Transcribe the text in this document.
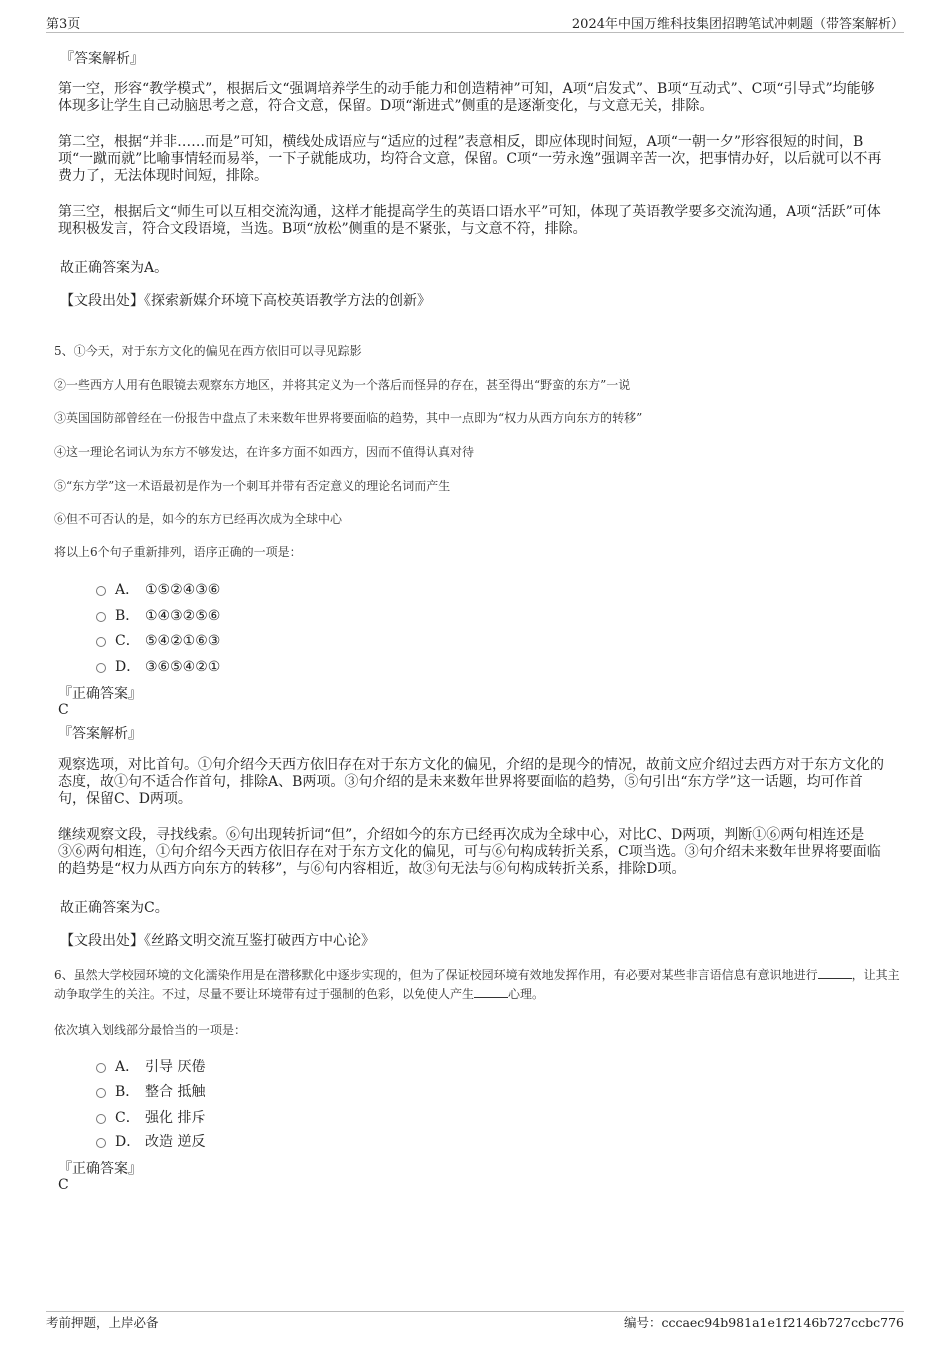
第3页	2024年中国万维科技集团招聘笔试冲刺题（带答案解析）
『答案解析』
第一空，形容“教学模式”，根据后文“强调培养学生的动手能力和创造精神”可知，A项“启发式”、B项“互动式”、C项“引导式”均能够体现多让学生自己动脑思考之意，符合文意，保留。D项“渐进式”侧重的是逐渐变化，与文意无关，排除。
第二空，根据“并非……而是”可知，横线处成语应与“适应的过程”表意相反，即应体现时间短，A项“一朝一夕”形容很短的时间，B项“一蹴而就”比喻事情轻而易举，一下子就能成功，均符合文意，保留。C项“一劳永逸”强调辛苦一次，把事情办好，以后就可以不再费力了，无法体现时间短，排除。
第三空，根据后文“师生可以互相交流沟通，这样才能提高学生的英语口语水平”可知，体现了英语教学要多交流沟通，A项“活跃”可体现积极发言，符合文段语境，当选。B项“放松”侧重的是不紧张，与文意不符，排除。
故正确答案为A。
【文段出处】《探索新媒介环境下高校英语教学方法的创新》
5、①今天，对于东方文化的偏见在西方依旧可以寻见踪影
②一些西方人用有色眼镜去观察东方地区，并将其定义为一个落后而怪异的存在，甚至得出“野蛮的东方”一说
③英国国防部曾经在一份报告中盘点了未来数年世界将要面临的趋势，其中一点即为“权力从西方向东方的转移”
④这一理论名词认为东方不够发达，在许多方面不如西方，因而不值得认真对待
⑤“东方学”这一术语最初是作为一个刺耳并带有否定意义的理论名词而产生
⑥但不可否认的是，如今的东方已经再次成为全球中心
将以上6个句子重新排列，语序正确的一项是：
A． ①⑤②④③⑥
B． ①④③②⑤⑥
C． ⑤④②①⑥③
D． ③⑥⑤④②①
『正确答案』
C
『答案解析』
观察选项，对比首句。①句介绍今天西方依旧存在对于东方文化的偏见，介绍的是现今的情况，故前文应介绍过去西方对于东方文化的态度，故①句不适合作首句，排除A、B两项。③句介绍的是未来数年世界将要面临的趋势，⑤句引出“东方学”这一话题，均可作首句，保留C、D两项。
继续观察文段，寻找线索。⑥句出现转折词“但”，介绍如今的东方已经再次成为全球中心，对比C、D两项，判断①⑥两句相连还是③⑥两句相连，①句介绍今天西方依旧存在对于东方文化的偏见，可与⑥句构成转折关系，C项当选。③句介绍未来数年世界将要面临的趋势是“权力从西方向东方的转移”，与⑥句内容相近，故③句无法与⑥句构成转折关系，排除D项。
故正确答案为C。
【文段出处】《丝路文明交流互鉴打破西方中心论》
6、虽然大学校园环境的文化濡染作用是在潜移默化中逐步实现的，但为了保证校园环境有效地发挥作用，有必要对某些非言语信息有意识地进行	，让其主动争取学生的关注。不过，尽量不要让环境带有过于强制的色彩，以免使人产生	心理。
依次填入划线部分最恰当的一项是：
A． 引导 厌倦
B． 整合 抵触
C． 强化 排斥
D． 改造 逆反
『正确答案』
C
考前押题，上岸必备	编号：cccaec94b981a1e1f2146b727ccbc776
